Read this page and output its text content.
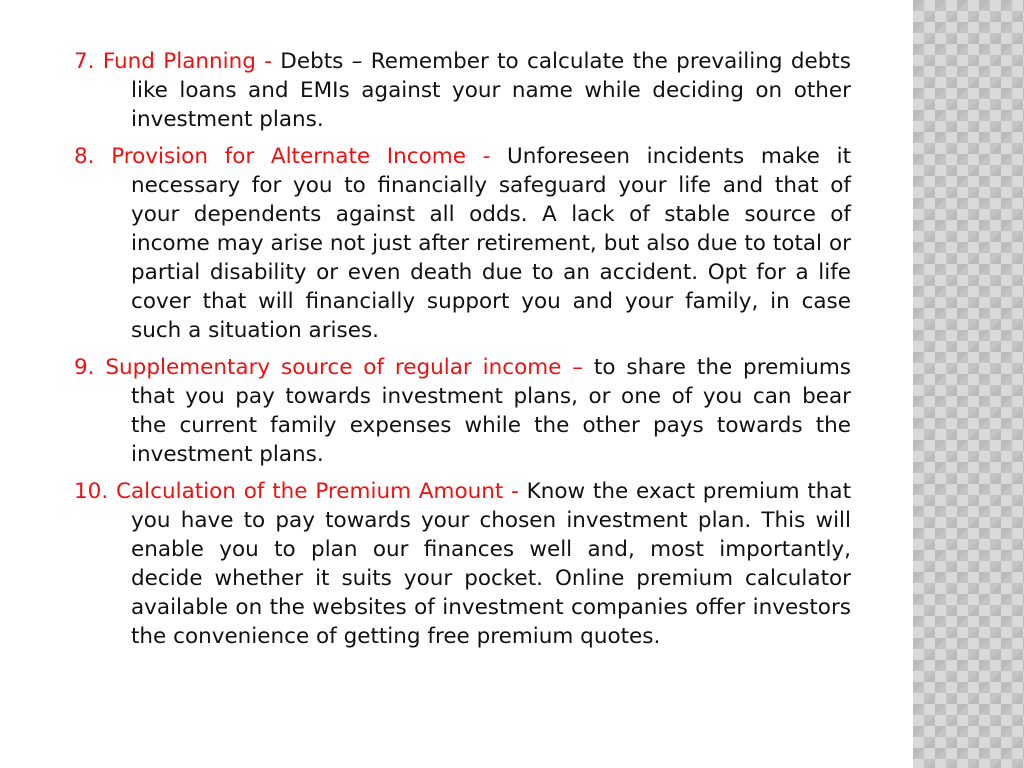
7. Fund Planning - Debts – Remember to calculate the prevailing debts like loans and EMIs against your name while deciding on other investment plans.

8. Provision for Alternate Income - Unforeseen incidents make it necessary for you to financially safeguard your life and that of your dependents against all odds. A lack of stable source of income may arise not just after retirement, but also due to total or partial disability or even death due to an accident. Opt for a life cover that will financially support you and your family, in case such a situation arises.

9. Supplementary source of regular income – to share the premiums that you pay towards investment plans, or one of you can bear the current family expenses while the other pays towards the investment plans.

10. Calculation of the Premium Amount - Know the exact premium that you have to pay towards your chosen investment plan. This will enable you to plan our finances well and, most importantly, decide whether it suits your pocket. Online premium calculator available on the websites of investment companies offer investors the convenience of getting free premium quotes.
